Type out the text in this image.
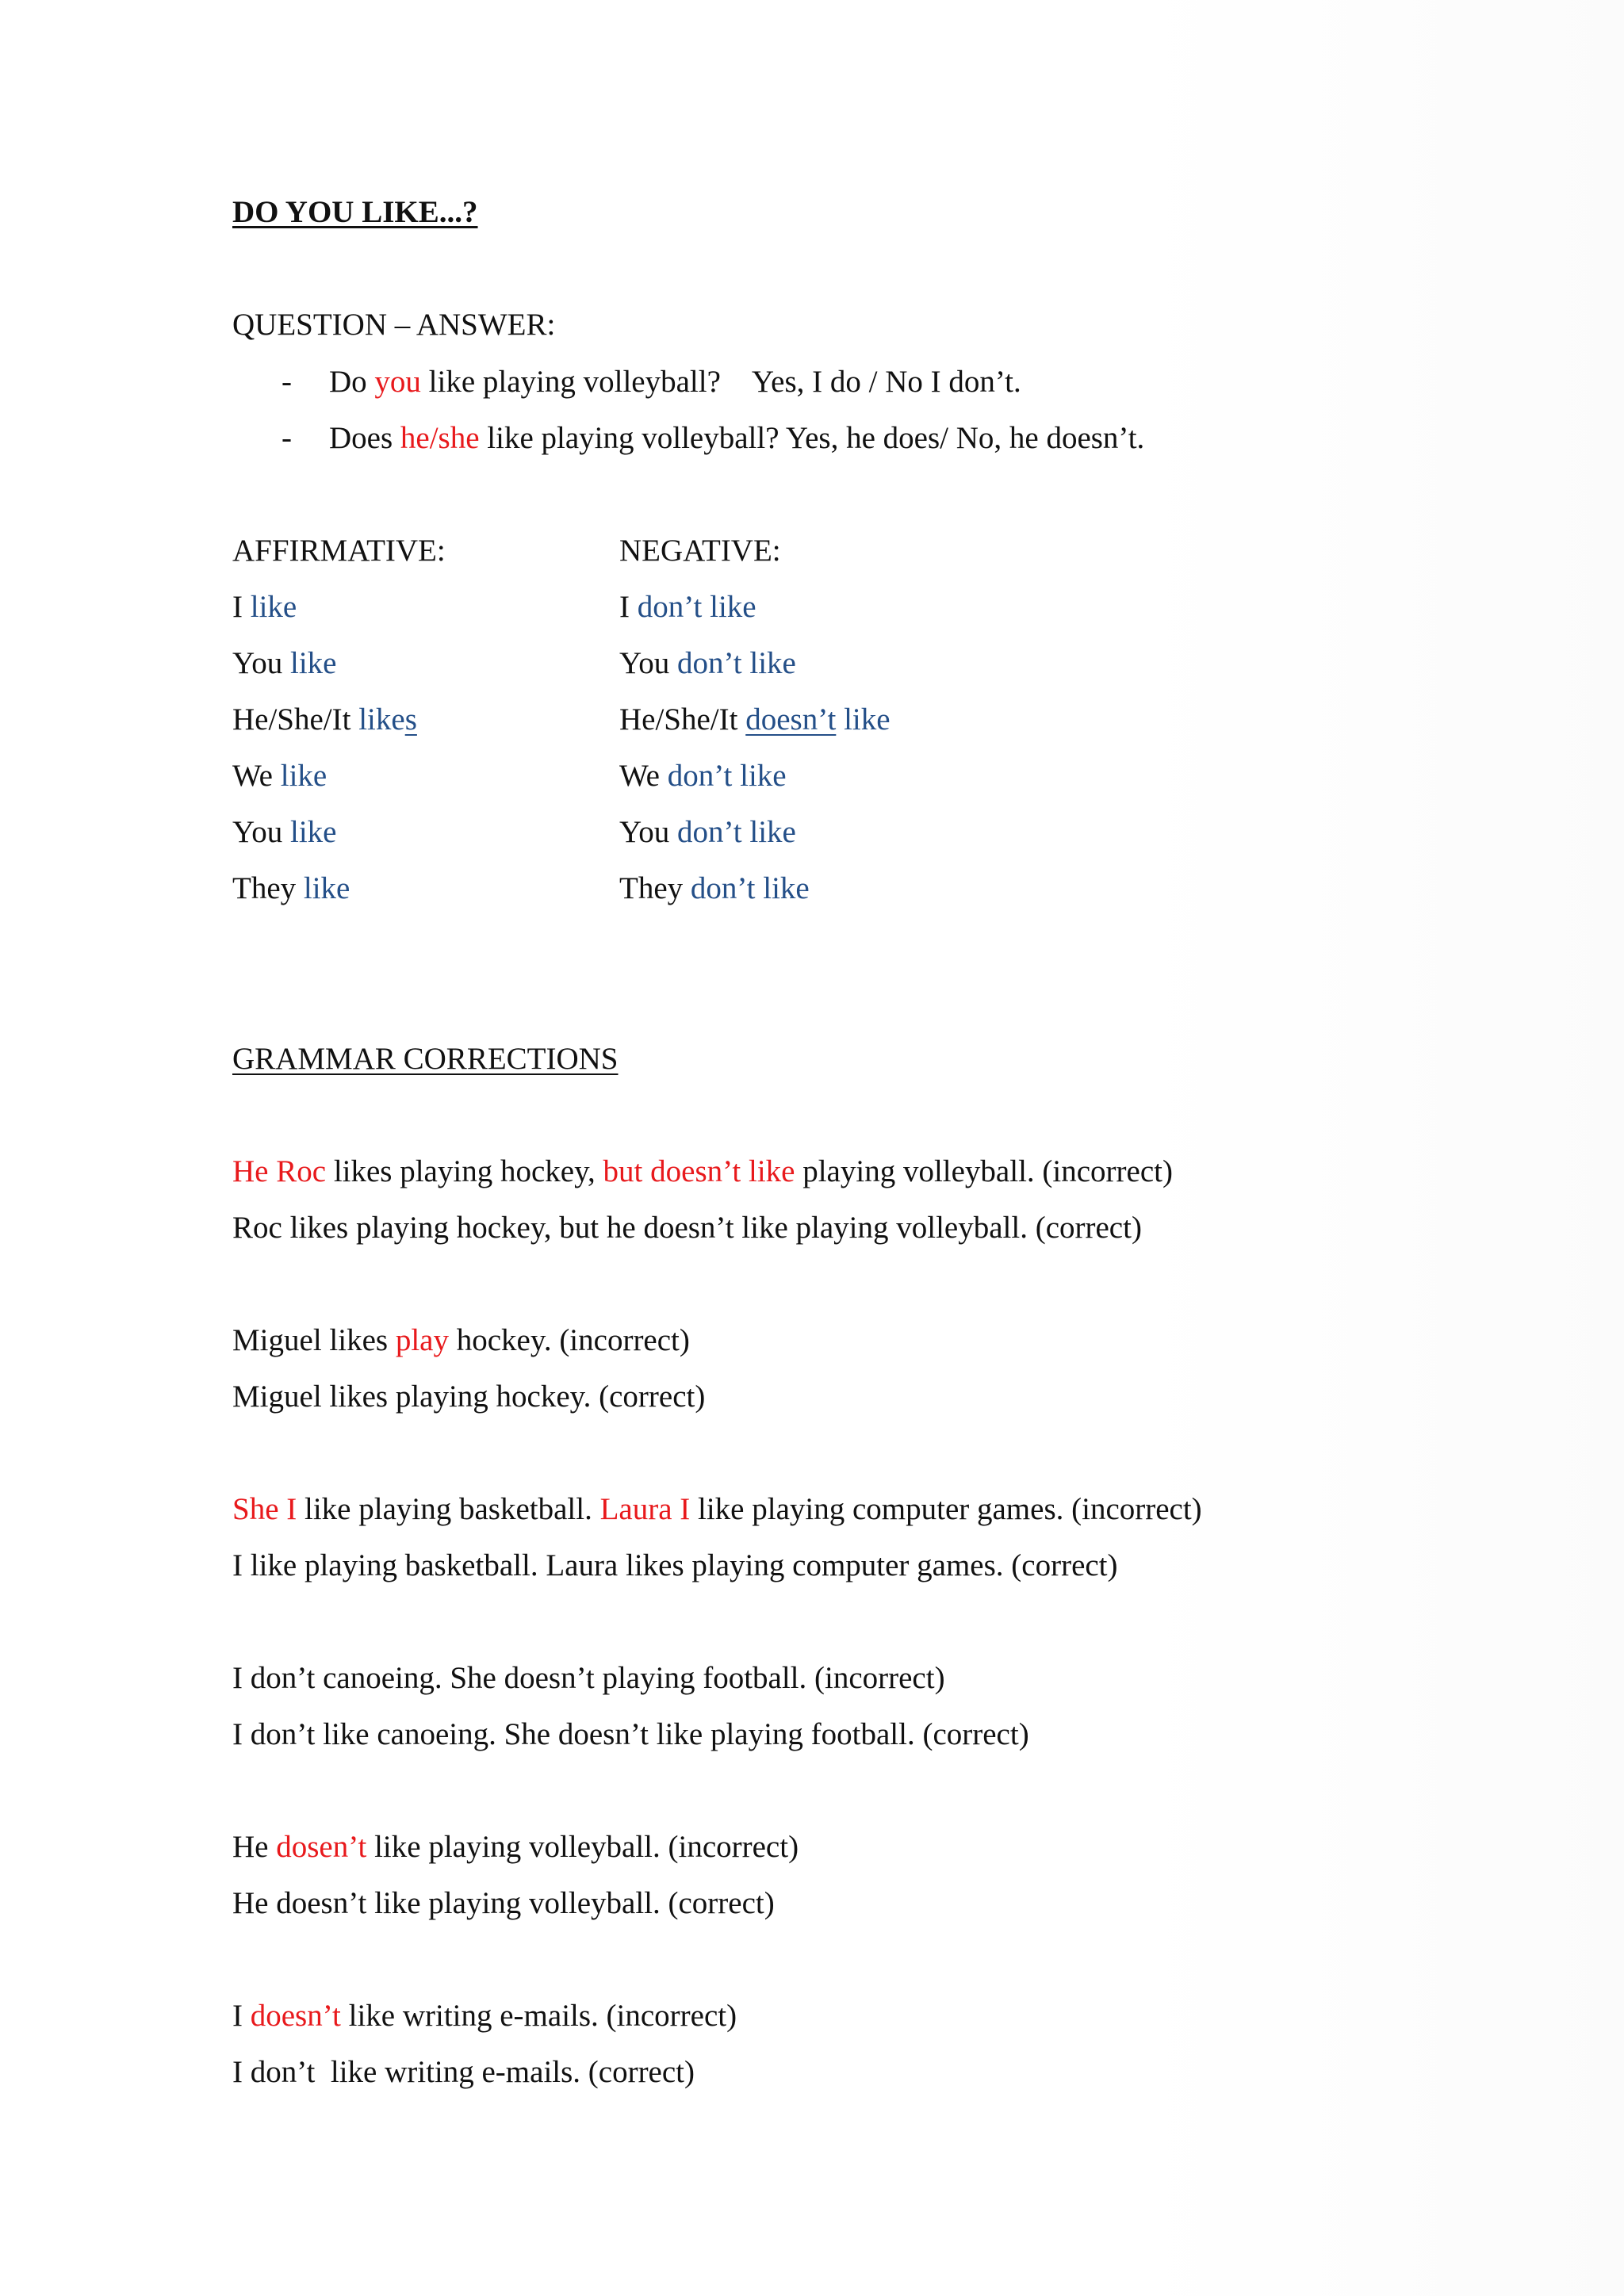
DO YOU LIKE...?
QUESTION – ANSWER:
- Do you like playing volleyball?    Yes, I do / No I don’t.
- Does he/she like playing volleyball? Yes, he does/ No, he doesn’t.
AFFIRMATIVE:	NEGATIVE:
I like
You like
He/She/It likes
We like
You like
They like
I don’t like
You don’t like
He/She/It doesn’t like
We don’t like
You don’t like
They don’t like
GRAMMAR CORRECTIONS
He Roc likes playing hockey, but doesn’t like playing volleyball. (incorrect)
Roc likes playing hockey, but he doesn’t like playing volleyball. (correct)
Miguel likes play hockey. (incorrect)
Miguel likes playing hockey. (correct)
She I like playing basketball. Laura I like playing computer games. (incorrect)
I like playing basketball. Laura likes playing computer games. (correct)
I don’t canoeing. She doesn’t playing football. (incorrect)
I don’t like canoeing. She doesn’t like playing football. (correct)
He dosen’t like playing volleyball. (incorrect)
He doesn’t like playing volleyball. (correct)
I doesn’t like writing e-mails. (incorrect)
I don’t  like writing e-mails. (correct)
